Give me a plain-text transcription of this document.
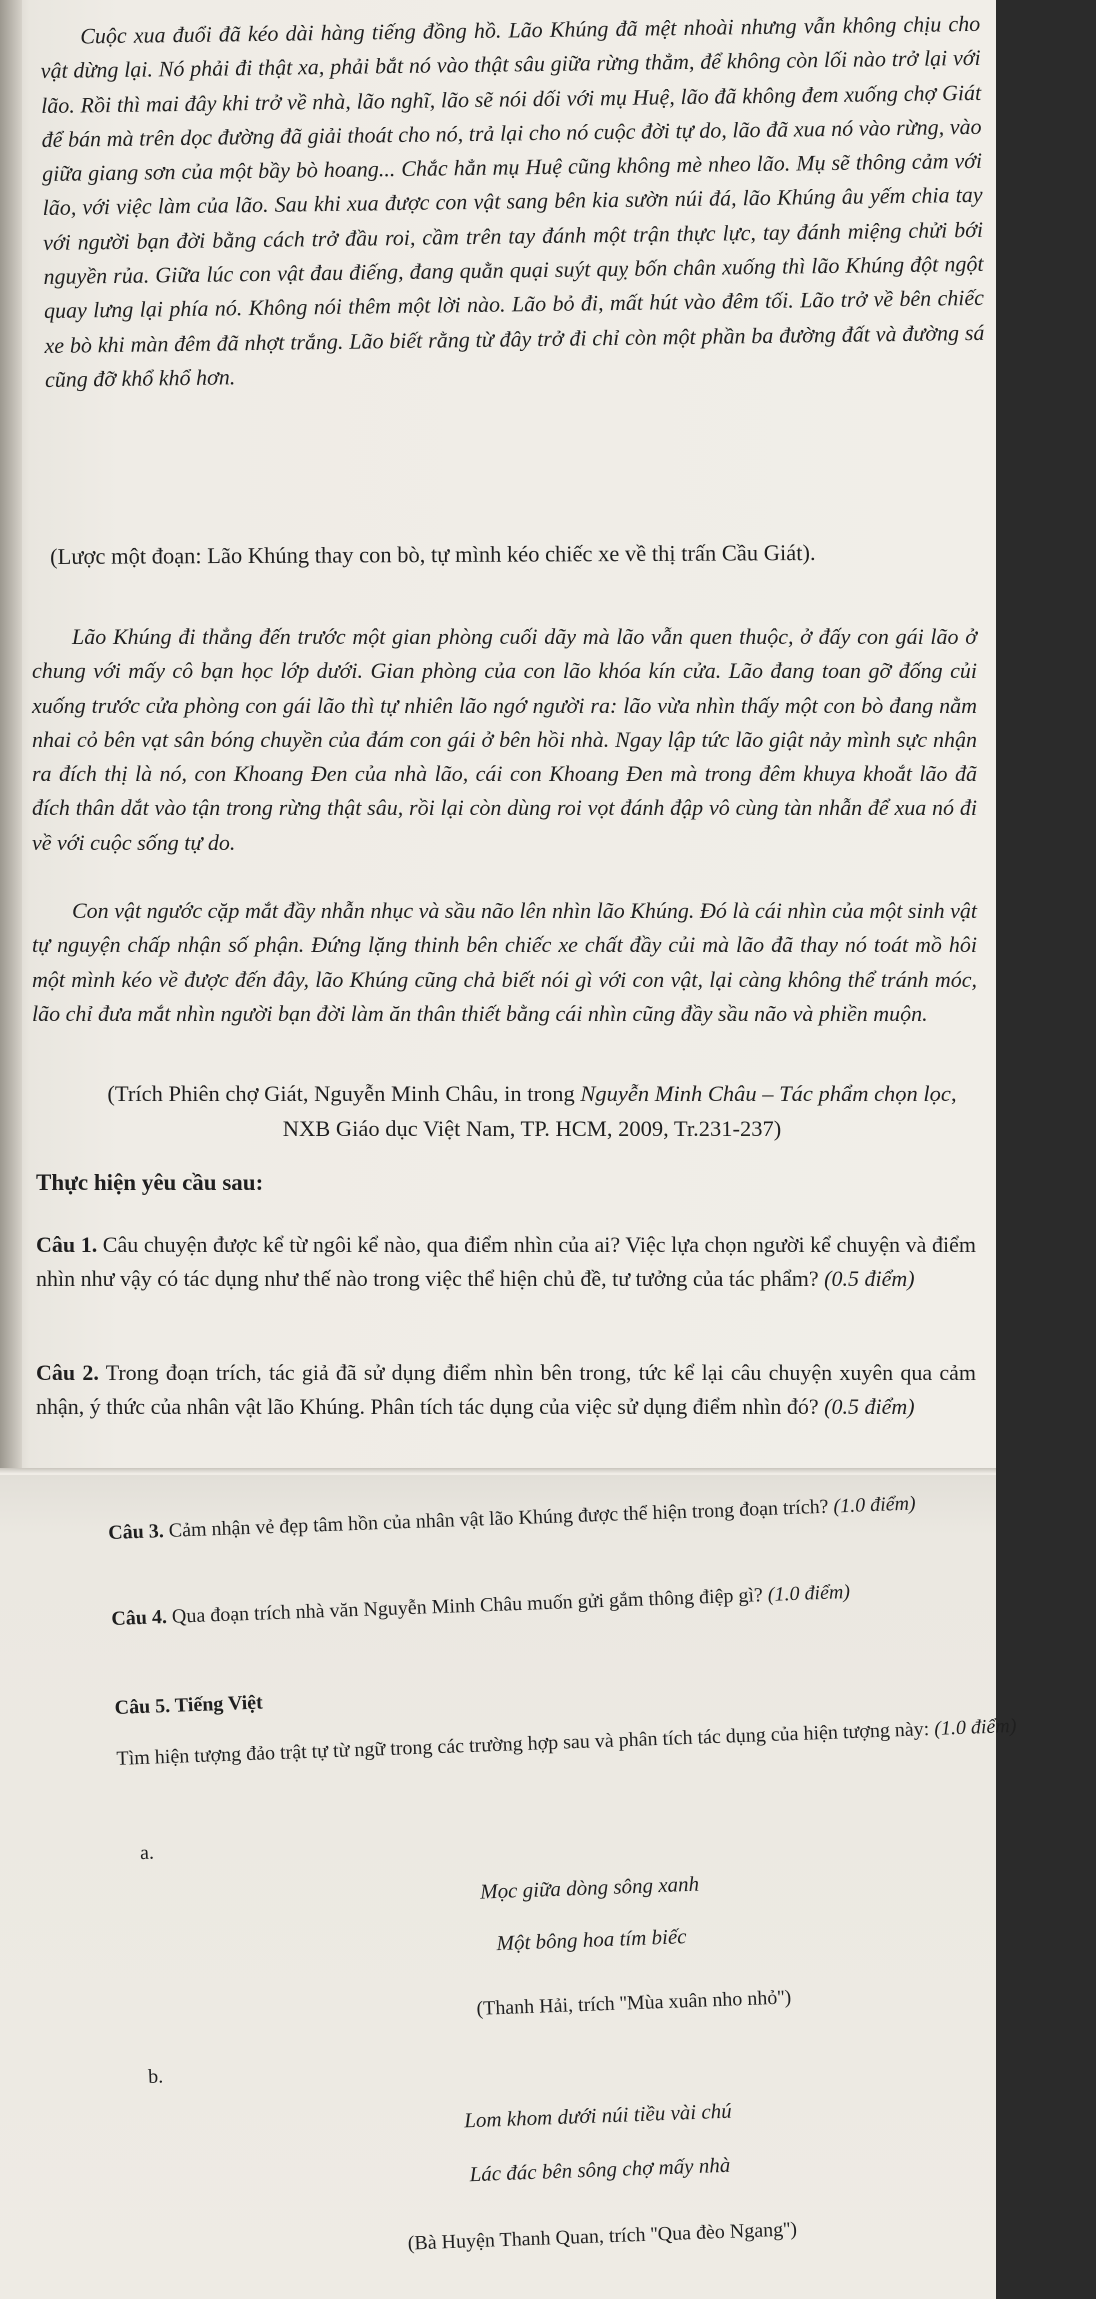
Cuộc xua đuổi đã kéo dài hàng tiếng đồng hồ. Lão Khúng đã mệt nhoài nhưng vẫn không chịu cho vật dừng lại. Nó phải đi thật xa, phải bắt nó vào thật sâu giữa rừng thẳm, để không còn lối nào trở lại với lão. Rồi thì mai đây khi trở về nhà, lão nghĩ, lão sẽ nói dối với mụ Huệ, lão đã không đem xuống chợ Giát để bán mà trên dọc đường đã giải thoát cho nó, trả lại cho nó cuộc đời tự do, lão đã xua nó vào rừng, vào giữa giang sơn của một bầy bò hoang... Chắc hẳn mụ Huệ cũng không mè nheo lão. Mụ sẽ thông cảm với lão, với việc làm của lão. Sau khi xua được con vật sang bên kia sườn núi đá, lão Khúng âu yếm chia tay với người bạn đời bằng cách trở đầu roi, cầm trên tay đánh một trận thực lực, tay đánh miệng chửi bới nguyền rủa. Giữa lúc con vật đau điếng, đang quằn quại suýt quỵ bốn chân xuống thì lão Khúng đột ngột quay lưng lại phía nó. Không nói thêm một lời nào. Lão bỏ đi, mất hút vào đêm tối. Lão trở về bên chiếc xe bò khi màn đêm đã nhợt trắng. Lão biết rằng từ đây trở đi chỉ còn một phần ba đường đất và đường sá cũng đỡ khổ khổ hơn.

(Lược một đoạn: Lão Khúng thay con bò, tự mình kéo chiếc xe về thị trấn Cầu Giát).

Lão Khúng đi thẳng đến trước một gian phòng cuối dãy mà lão vẫn quen thuộc, ở đấy con gái lão ở chung với mấy cô bạn học lớp dưới. Gian phòng của con lão khóa kín cửa. Lão đang toan gỡ đống củi xuống trước cửa phòng con gái lão thì tự nhiên lão ngớ người ra: lão vừa nhìn thấy một con bò đang nằm nhai cỏ bên vạt sân bóng chuyền của đám con gái ở bên hồi nhà. Ngay lập tức lão giật nảy mình sực nhận ra đích thị là nó, con Khoang Đen của nhà lão, cái con Khoang Đen mà trong đêm khuya khoắt lão đã đích thân dắt vào tận trong rừng thật sâu, rồi lại còn dùng roi vọt đánh đập vô cùng tàn nhẫn để xua nó đi về với cuộc sống tự do.

Con vật ngước cặp mắt đầy nhẫn nhục và sầu não lên nhìn lão Khúng. Đó là cái nhìn của một sinh vật tự nguyện chấp nhận số phận. Đứng lặng thinh bên chiếc xe chất đầy củi mà lão đã thay nó toát mồ hôi một mình kéo về được đến đây, lão Khúng cũng chả biết nói gì với con vật, lại càng không thể tránh móc, lão chỉ đưa mắt nhìn người bạn đời làm ăn thân thiết bằng cái nhìn cũng đầy sầu não và phiền muộn.

(Trích Phiên chợ Giát, Nguyễn Minh Châu, in trong Nguyễn Minh Châu – Tác phẩm chọn lọc, NXB Giáo dục Việt Nam, TP. HCM, 2009, Tr.231-237)

Thực hiện yêu cầu sau:

Câu 1. Câu chuyện được kể từ ngôi kể nào, qua điểm nhìn của ai? Việc lựa chọn người kể chuyện và điểm nhìn như vậy có tác dụng như thế nào trong việc thể hiện chủ đề, tư tưởng của tác phẩm? (0.5 điểm)

Câu 2. Trong đoạn trích, tác giả đã sử dụng điểm nhìn bên trong, tức kể lại câu chuyện xuyên qua cảm nhận, ý thức của nhân vật lão Khúng. Phân tích tác dụng của việc sử dụng điểm nhìn đó? (0.5 điểm)

Câu 3. Cảm nhận vẻ đẹp tâm hồn của nhân vật lão Khúng được thể hiện trong đoạn trích? (1.0 điểm)

Câu 4. Qua đoạn trích nhà văn Nguyễn Minh Châu muốn gửi gắm thông điệp gì? (1.0 điểm)

Câu 5. Tiếng Việt

Tìm hiện tượng đảo trật tự từ ngữ trong các trường hợp sau và phân tích tác dụng của hiện tượng này: (1.0 điểm)

a.

Mọc giữa dòng sông xanh

Một bông hoa tím biếc

(Thanh Hải, trích ''Mùa xuân nho nhỏ'')

b.

Lom khom dưới núi tiều vài chú

Lác đác bên sông chợ mấy nhà

(Bà Huyện Thanh Quan, trích ''Qua đèo Ngang'')
